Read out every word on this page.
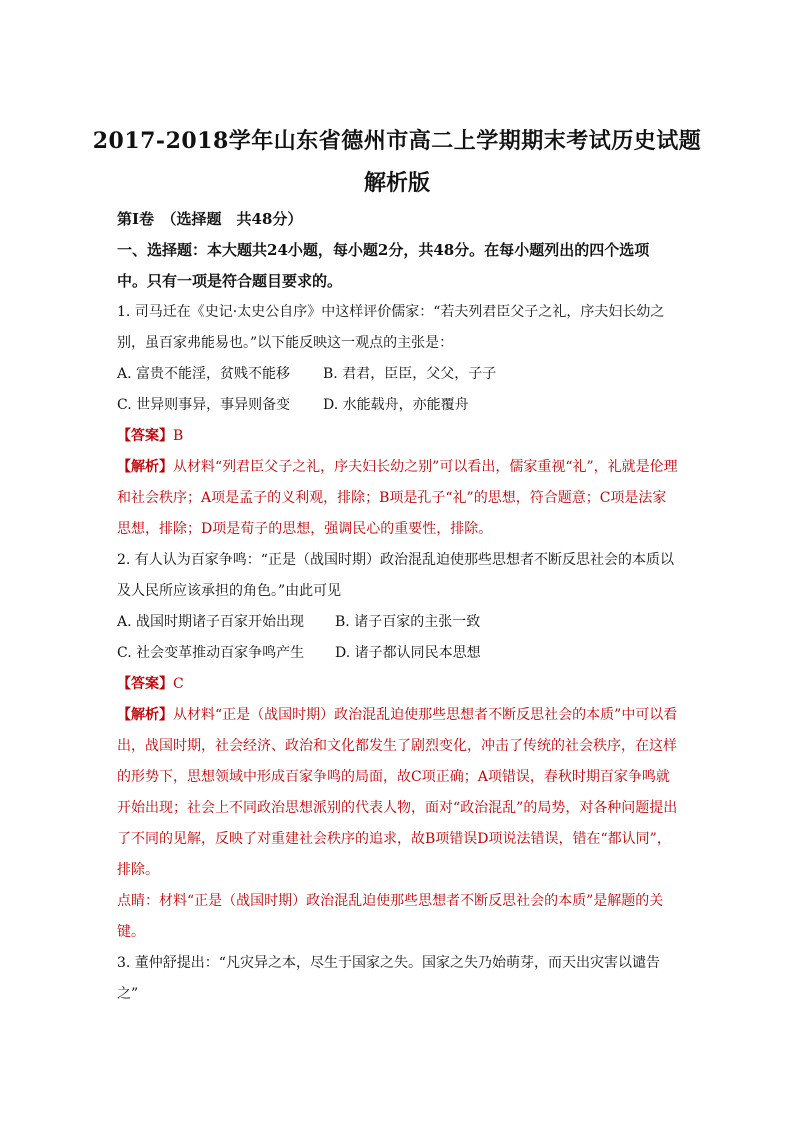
2017-2018学年山东省德州市高二上学期期末考试历史试题
解析版

第Ⅰ卷　（选择题　共48分）

一、选择题：本大题共24小题，每小题2分，共48分。在每小题列出的四个选项中。只有一项是符合题目要求的。

1. 司马迁在《史记·太史公自序》中这样评价儒家：“若夫列君臣父子之礼，序夫妇长幼之别，虽百家弗能易也。”以下能反映这一观点的主张是：

A. 富贵不能淫，贫贱不能移	B. 君君，臣臣，父父，子子
C. 世异则事异，事异则备变	D. 水能载舟，亦能覆舟

【答案】B

【解析】从材料“列君臣父子之礼，序夫妇长幼之别”可以看出，儒家重视“礼”，礼就是伦理和社会秩序；A项是孟子的义利观，排除；B项是孔子“礼”的思想，符合题意；C项是法家思想，排除；D项是荀子的思想，强调民心的重要性，排除。

2. 有人认为百家争鸣：“正是（战国时期）政治混乱迫使那些思想者不断反思社会的本质以及人民所应该承担的角色。”由此可见

A. 战国时期诸子百家开始出现	B. 诸子百家的主张一致
C. 社会变革推动百家争鸣产生	D. 诸子都认同民本思想

【答案】C

【解析】从材料“正是（战国时期）政治混乱迫使那些思想者不断反思社会的本质”中可以看出，战国时期，社会经济、政治和文化都发生了剧烈变化，冲击了传统的社会秩序，在这样的形势下，思想领域中形成百家争鸣的局面，故C项正确；A项错误，春秋时期百家争鸣就开始出现；社会上不同政治思想派别的代表人物，面对“政治混乱”的局势，对各种问题提出了不同的见解，反映了对重建社会秩序的追求，故B项错误D项说法错误，错在“都认同”，排除。

点睛：材料“正是（战国时期）政治混乱迫使那些思想者不断反思社会的本质”是解题的关键。

3. 董仲舒提出：“凡灾异之本，尽生于国家之失。国家之失乃始萌芽，而天出灾害以谴告之”
